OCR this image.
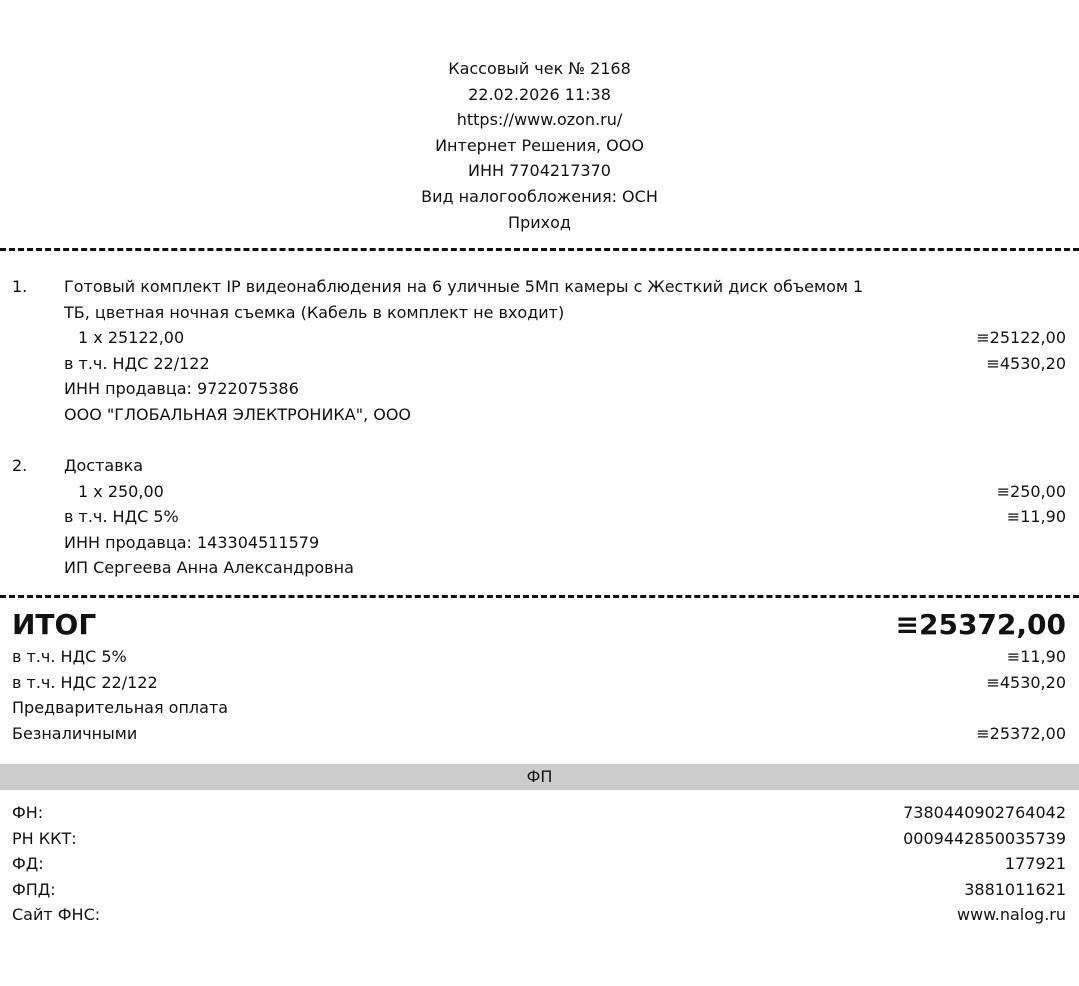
Кассовый чек № 2168
22.02.2026 11:38
https://www.ozon.ru/
Интернет Решения, ООО
ИНН 7704217370
Вид налогообложения: ОСН
Приход
1. Готовый комплект IP видеонаблюдения на 6 уличные 5Мп камеры с Жесткий диск объемом 1
ТБ, цветная ночная съемка (Кабель в комплект не входит)
1 x 25122,00	≡25122,00
в т.ч. НДС 22/122	≡4530,20
ИНН продавца: 9722075386
ООО "ГЛОБАЛЬНАЯ ЭЛЕКТРОНИКА", ООО
2. Доставка
1 x 250,00	≡250,00
в т.ч. НДС 5%	≡11,90
ИНН продавца: 143304511579
ИП Сергеева Анна Александровна
ИТОГ	≡25372,00
в т.ч. НДС 5%	≡11,90
в т.ч. НДС 22/122	≡4530,20
Предварительная оплата
Безналичными	≡25372,00
ФП
ФН:	7380440902764042
РН ККТ:	0009442850035739
ФД:	177921
ФПД:	3881011621
Сайт ФНС:	www.nalog.ru
